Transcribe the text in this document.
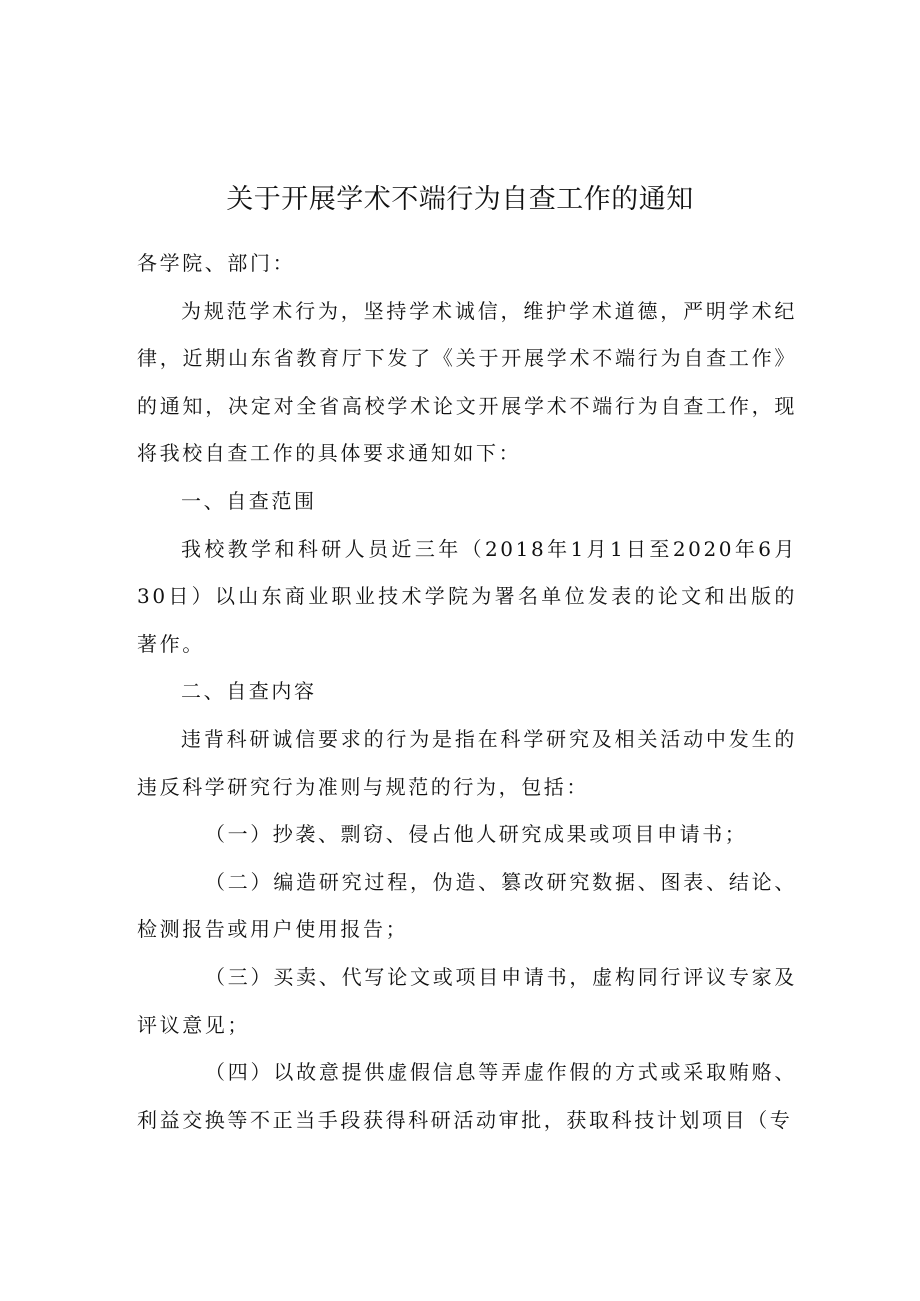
关于开展学术不端行为自查工作的通知

各学院、部门：

为规范学术行为，坚持学术诚信，维护学术道德，严明学术纪律，近期山东省教育厅下发了《关于开展学术不端行为自查工作》的通知，决定对全省高校学术论文开展学术不端行为自查工作，现将我校自查工作的具体要求通知如下：

一、自查范围

我校教学和科研人员近三年（2018年1月1日至2020年6月30日）以山东商业职业技术学院为署名单位发表的论文和出版的著作。

二、自查内容

违背科研诚信要求的行为是指在科学研究及相关活动中发生的违反科学研究行为准则与规范的行为，包括：

（一）抄袭、剽窃、侵占他人研究成果或项目申请书；

（二）编造研究过程，伪造、篡改研究数据、图表、结论、检测报告或用户使用报告；

（三）买卖、代写论文或项目申请书，虚构同行评议专家及评议意见；

（四）以故意提供虚假信息等弄虚作假的方式或采取贿赂、利益交换等不正当手段获得科研活动审批，获取科技计划项目（专
